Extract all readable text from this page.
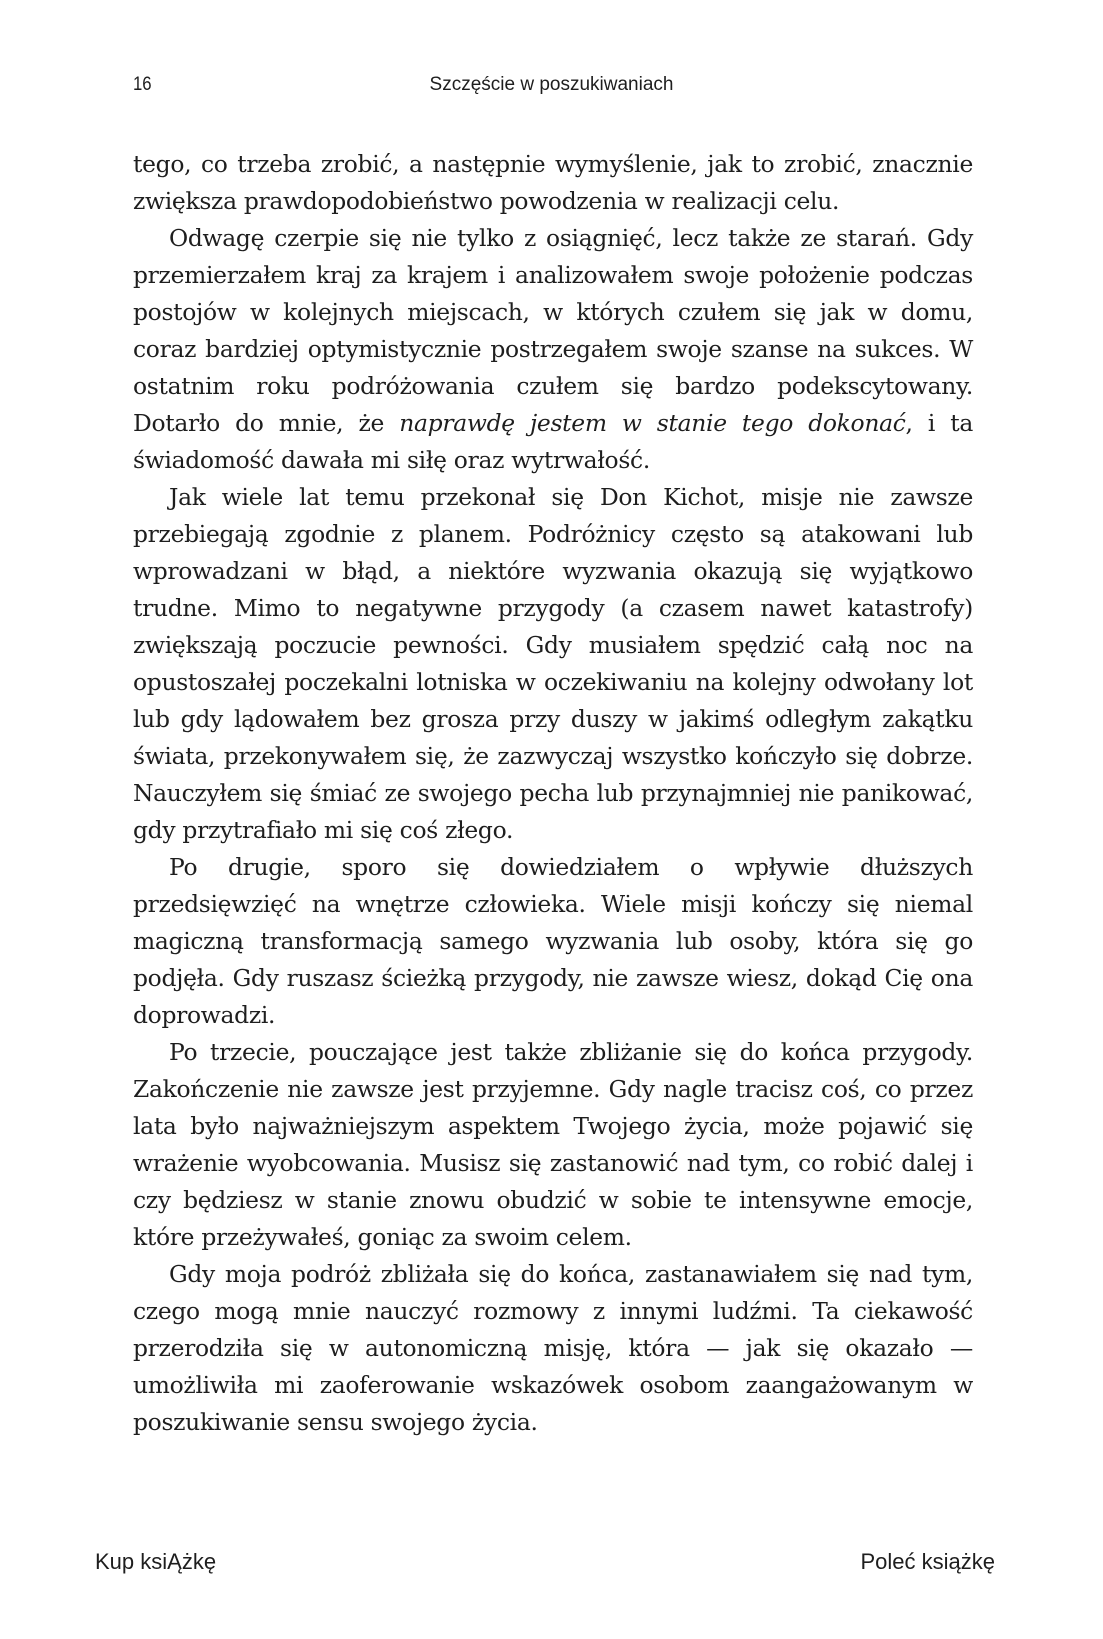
16	Szczęście w poszukiwaniach

tego, co trzeba zrobić, a następnie wymyślenie, jak to zrobić, znacznie zwiększa prawdopodobieństwo powodzenia w realizacji celu.

Odwagę czerpie się nie tylko z osiągnięć, lecz także ze starań. Gdy przemierzałem kraj za krajem i analizowałem swoje położenie podczas postojów w kolejnych miejscach, w których czułem się jak w domu, coraz bardziej optymistycznie postrzegałem swoje szanse na sukces. W ostatnim roku podróżowania czułem się bardzo podekscytowany. Dotarło do mnie, że naprawdę jestem w stanie tego dokonać, i ta świadomość dawała mi siłę oraz wytrwałość.

Jak wiele lat temu przekonał się Don Kichot, misje nie zawsze przebiegają zgodnie z planem. Podróżnicy często są atakowani lub wprowadzani w błąd, a niektóre wyzwania okazują się wyjątkowo trudne. Mimo to negatywne przygody (a czasem nawet katastrofy) zwiększają poczucie pewności. Gdy musiałem spędzić całą noc na opustoszałej poczekalni lotniska w oczekiwaniu na kolejny odwołany lot lub gdy lądowałem bez grosza przy duszy w jakimś odległym zakątku świata, przekonywałem się, że zazwyczaj wszystko kończyło się dobrze. Nauczyłem się śmiać ze swojego pecha lub przynajmniej nie panikować, gdy przytrafiało mi się coś złego.

Po drugie, sporo się dowiedziałem o wpływie dłuższych przedsięwzięć na wnętrze człowieka. Wiele misji kończy się niemal magiczną transformacją samego wyzwania lub osoby, która się go podjęła. Gdy ruszasz ścieżką przygody, nie zawsze wiesz, dokąd Cię ona doprowadzi.

Po trzecie, pouczające jest także zbliżanie się do końca przygody. Zakończenie nie zawsze jest przyjemne. Gdy nagle tracisz coś, co przez lata było najważniejszym aspektem Twojego życia, może pojawić się wrażenie wyobcowania. Musisz się zastanowić nad tym, co robić dalej i czy będziesz w stanie znowu obudzić w sobie te intensywne emocje, które przeżywałeś, goniąc za swoim celem.

Gdy moja podróż zbliżała się do końca, zastanawiałem się nad tym, czego mogą mnie nauczyć rozmowy z innymi ludźmi. Ta ciekawość przerodziła się w autonomiczną misję, która — jak się okazało — umożliwiła mi zaoferowanie wskazówek osobom zaangażowanym w poszukiwanie sensu swojego życia.

Kup ksiĄżkę	Poleć książkę
